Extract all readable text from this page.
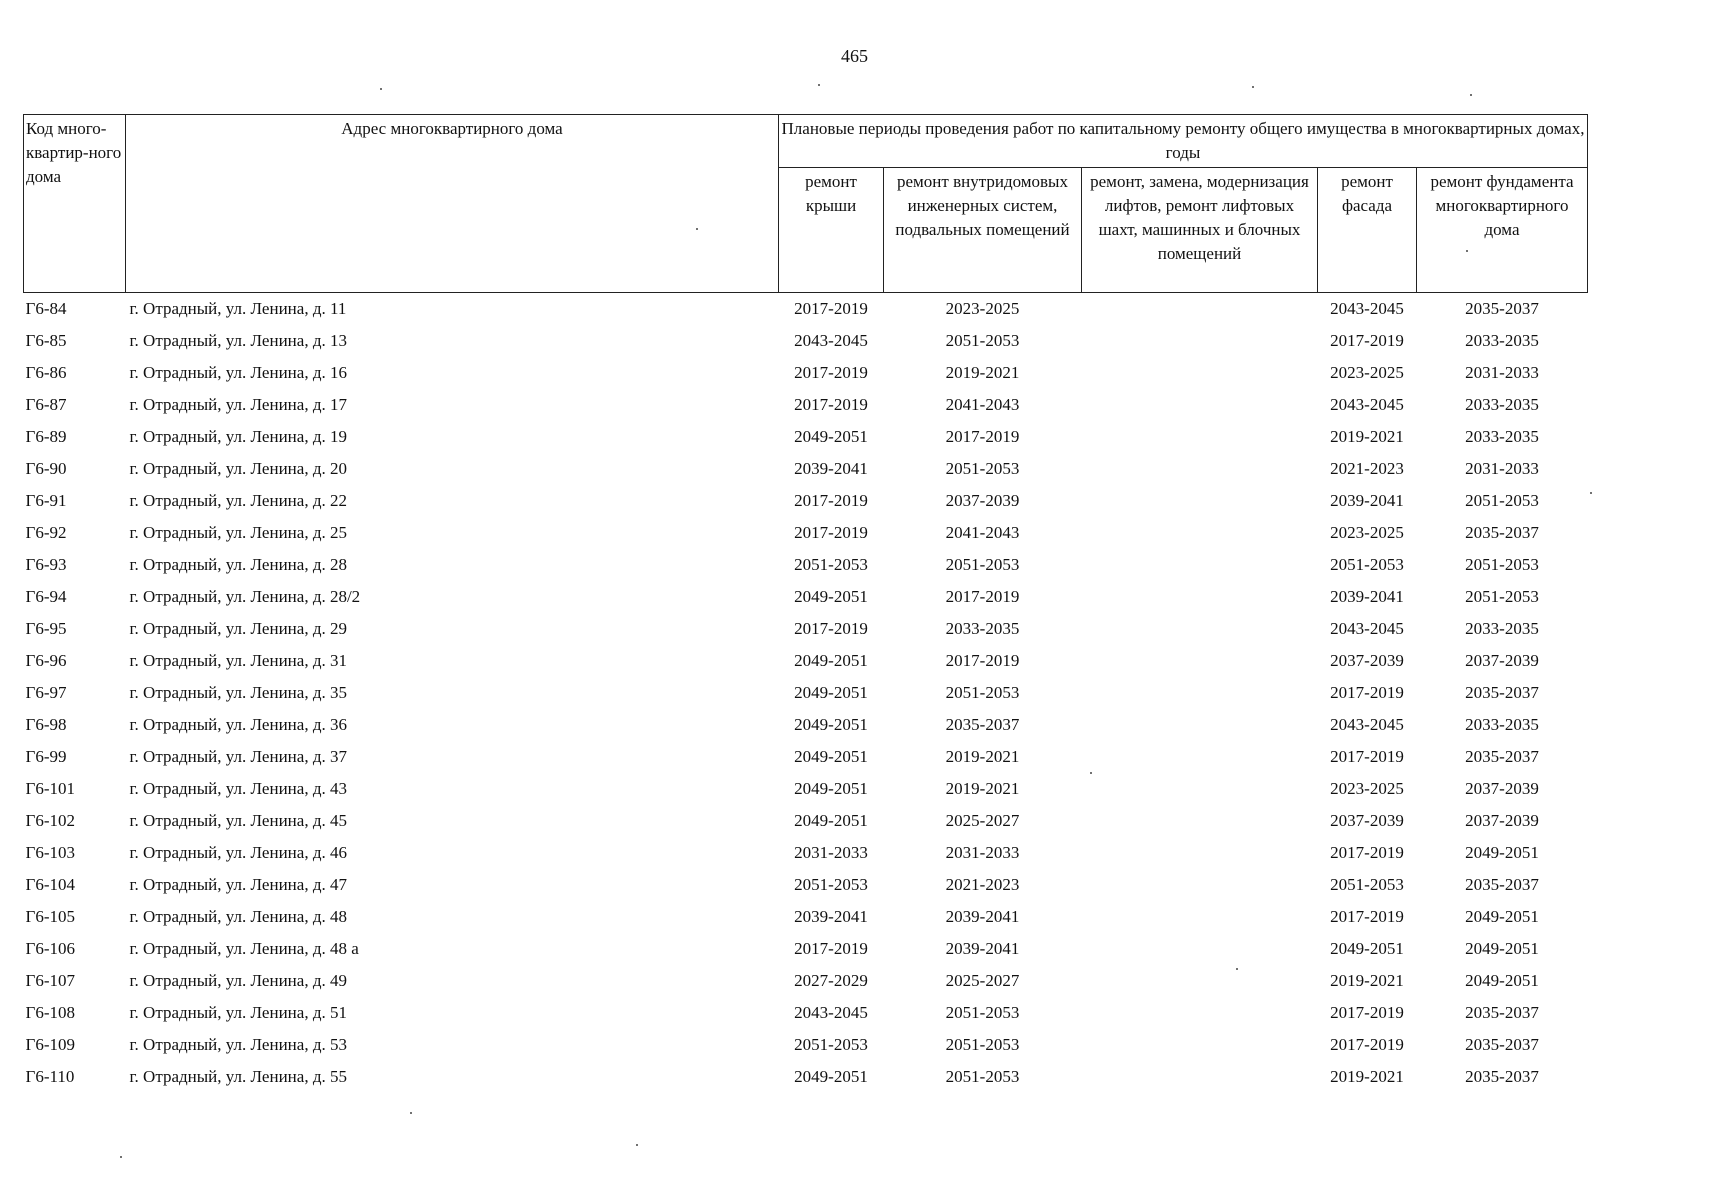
465
Код много-квартир-ного дома	Адрес многоквартирного дома	Плановые периоды проведения работ по капитальному ремонту общего имущества в многоквартирных домах, годы				
		ремонт крыши	ремонт внутридомовых инженерных систем, подвальных помещений	ремонт, замена, модернизация лифтов, ремонт лифтовых шахт, машинных и блочных помещений	ремонт фасада	ремонт фундамента многоквартирного дома
Г6-84	г. Отрадный, ул. Ленина, д. 11	2017-2019	2023-2025		2043-2045	2035-2037
Г6-85	г. Отрадный, ул. Ленина, д. 13	2043-2045	2051-2053		2017-2019	2033-2035
Г6-86	г. Отрадный, ул. Ленина, д. 16	2017-2019	2019-2021		2023-2025	2031-2033
Г6-87	г. Отрадный, ул. Ленина, д. 17	2017-2019	2041-2043		2043-2045	2033-2035
Г6-89	г. Отрадный, ул. Ленина, д. 19	2049-2051	2017-2019		2019-2021	2033-2035
Г6-90	г. Отрадный, ул. Ленина, д. 20	2039-2041	2051-2053		2021-2023	2031-2033
Г6-91	г. Отрадный, ул. Ленина, д. 22	2017-2019	2037-2039		2039-2041	2051-2053
Г6-92	г. Отрадный, ул. Ленина, д. 25	2017-2019	2041-2043		2023-2025	2035-2037
Г6-93	г. Отрадный, ул. Ленина, д. 28	2051-2053	2051-2053		2051-2053	2051-2053
Г6-94	г. Отрадный, ул. Ленина, д. 28/2	2049-2051	2017-2019		2039-2041	2051-2053
Г6-95	г. Отрадный, ул. Ленина, д. 29	2017-2019	2033-2035		2043-2045	2033-2035
Г6-96	г. Отрадный, ул. Ленина, д. 31	2049-2051	2017-2019		2037-2039	2037-2039
Г6-97	г. Отрадный, ул. Ленина, д. 35	2049-2051	2051-2053		2017-2019	2035-2037
Г6-98	г. Отрадный, ул. Ленина, д. 36	2049-2051	2035-2037		2043-2045	2033-2035
Г6-99	г. Отрадный, ул. Ленина, д. 37	2049-2051	2019-2021		2017-2019	2035-2037
Г6-101	г. Отрадный, ул. Ленина, д. 43	2049-2051	2019-2021		2023-2025	2037-2039
Г6-102	г. Отрадный, ул. Ленина, д. 45	2049-2051	2025-2027		2037-2039	2037-2039
Г6-103	г. Отрадный, ул. Ленина, д. 46	2031-2033	2031-2033		2017-2019	2049-2051
Г6-104	г. Отрадный, ул. Ленина, д. 47	2051-2053	2021-2023		2051-2053	2035-2037
Г6-105	г. Отрадный, ул. Ленина, д. 48	2039-2041	2039-2041		2017-2019	2049-2051
Г6-106	г. Отрадный, ул. Ленина, д. 48 а	2017-2019	2039-2041		2049-2051	2049-2051
Г6-107	г. Отрадный, ул. Ленина, д. 49	2027-2029	2025-2027		2019-2021	2049-2051
Г6-108	г. Отрадный, ул. Ленина, д. 51	2043-2045	2051-2053		2017-2019	2035-2037
Г6-109	г. Отрадный, ул. Ленина, д. 53	2051-2053	2051-2053		2017-2019	2035-2037
Г6-110	г. Отрадный, ул. Ленина, д. 55	2049-2051	2051-2053		2019-2021	2035-2037
